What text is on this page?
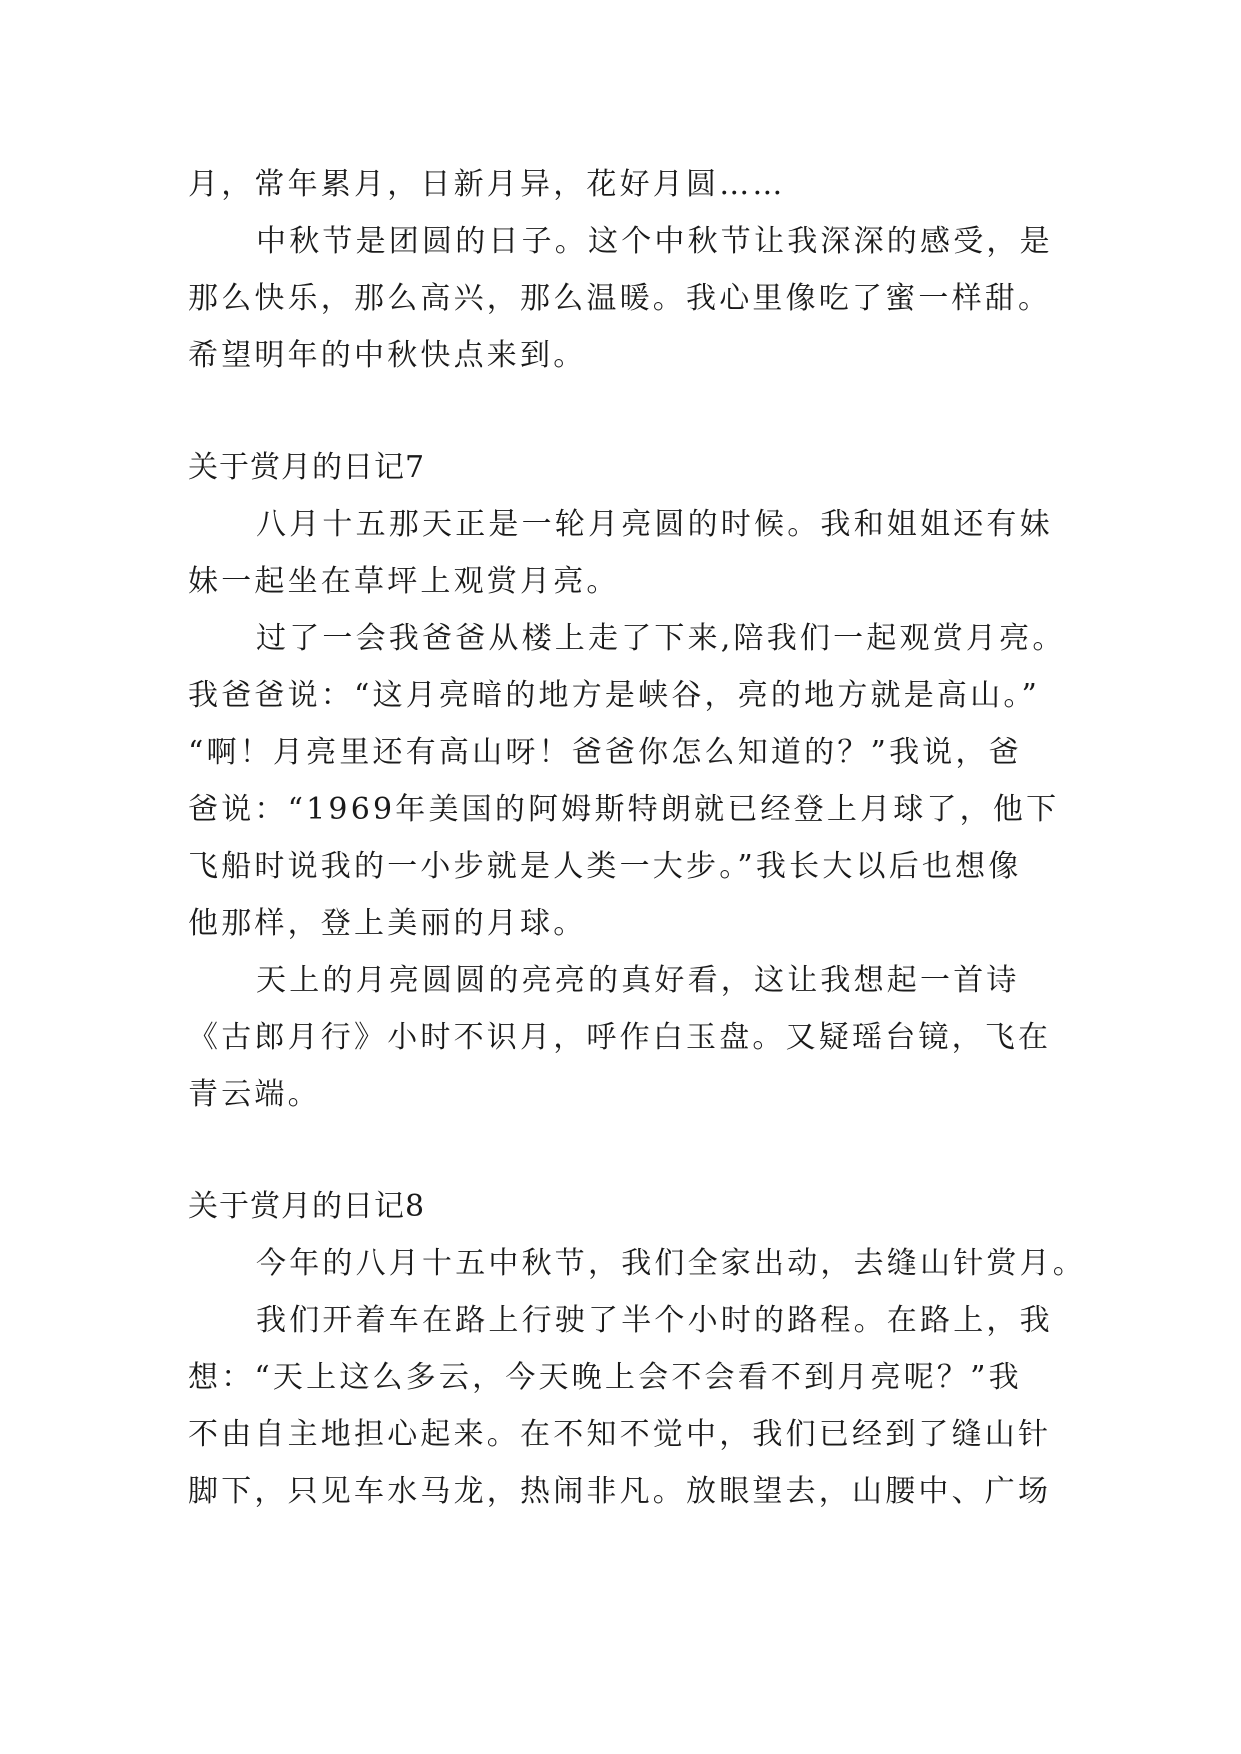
月，常年累月，日新月异，花好月圆……
中秋节是团圆的日子。这个中秋节让我深深的感受，是
那么快乐，那么高兴，那么温暖。我心里像吃了蜜一样甜。
希望明年的中秋快点来到。
关于赏月的日记7
八月十五那天正是一轮月亮圆的时候。我和姐姐还有妹
妹一起坐在草坪上观赏月亮。
过了一会我爸爸从楼上走了下来,陪我们一起观赏月亮。
我爸爸说：“这月亮暗的地方是峡谷，亮的地方就是高山。”
“啊！月亮里还有高山呀！爸爸你怎么知道的？”我说，爸
爸说：“1969年美国的阿姆斯特朗就已经登上月球了，他下
飞船时说我的一小步就是人类一大步。”我长大以后也想像
他那样，登上美丽的月球。
天上的月亮圆圆的亮亮的真好看，这让我想起一首诗
《古郎月行》小时不识月，呼作白玉盘。又疑瑶台镜，飞在
青云端。
关于赏月的日记8
今年的八月十五中秋节，我们全家出动，去缝山针赏月。
我们开着车在路上行驶了半个小时的路程。在路上，我
想：“天上这么多云，今天晚上会不会看不到月亮呢？”我
不由自主地担心起来。在不知不觉中，我们已经到了缝山针
脚下，只见车水马龙，热闹非凡。放眼望去，山腰中、广场
